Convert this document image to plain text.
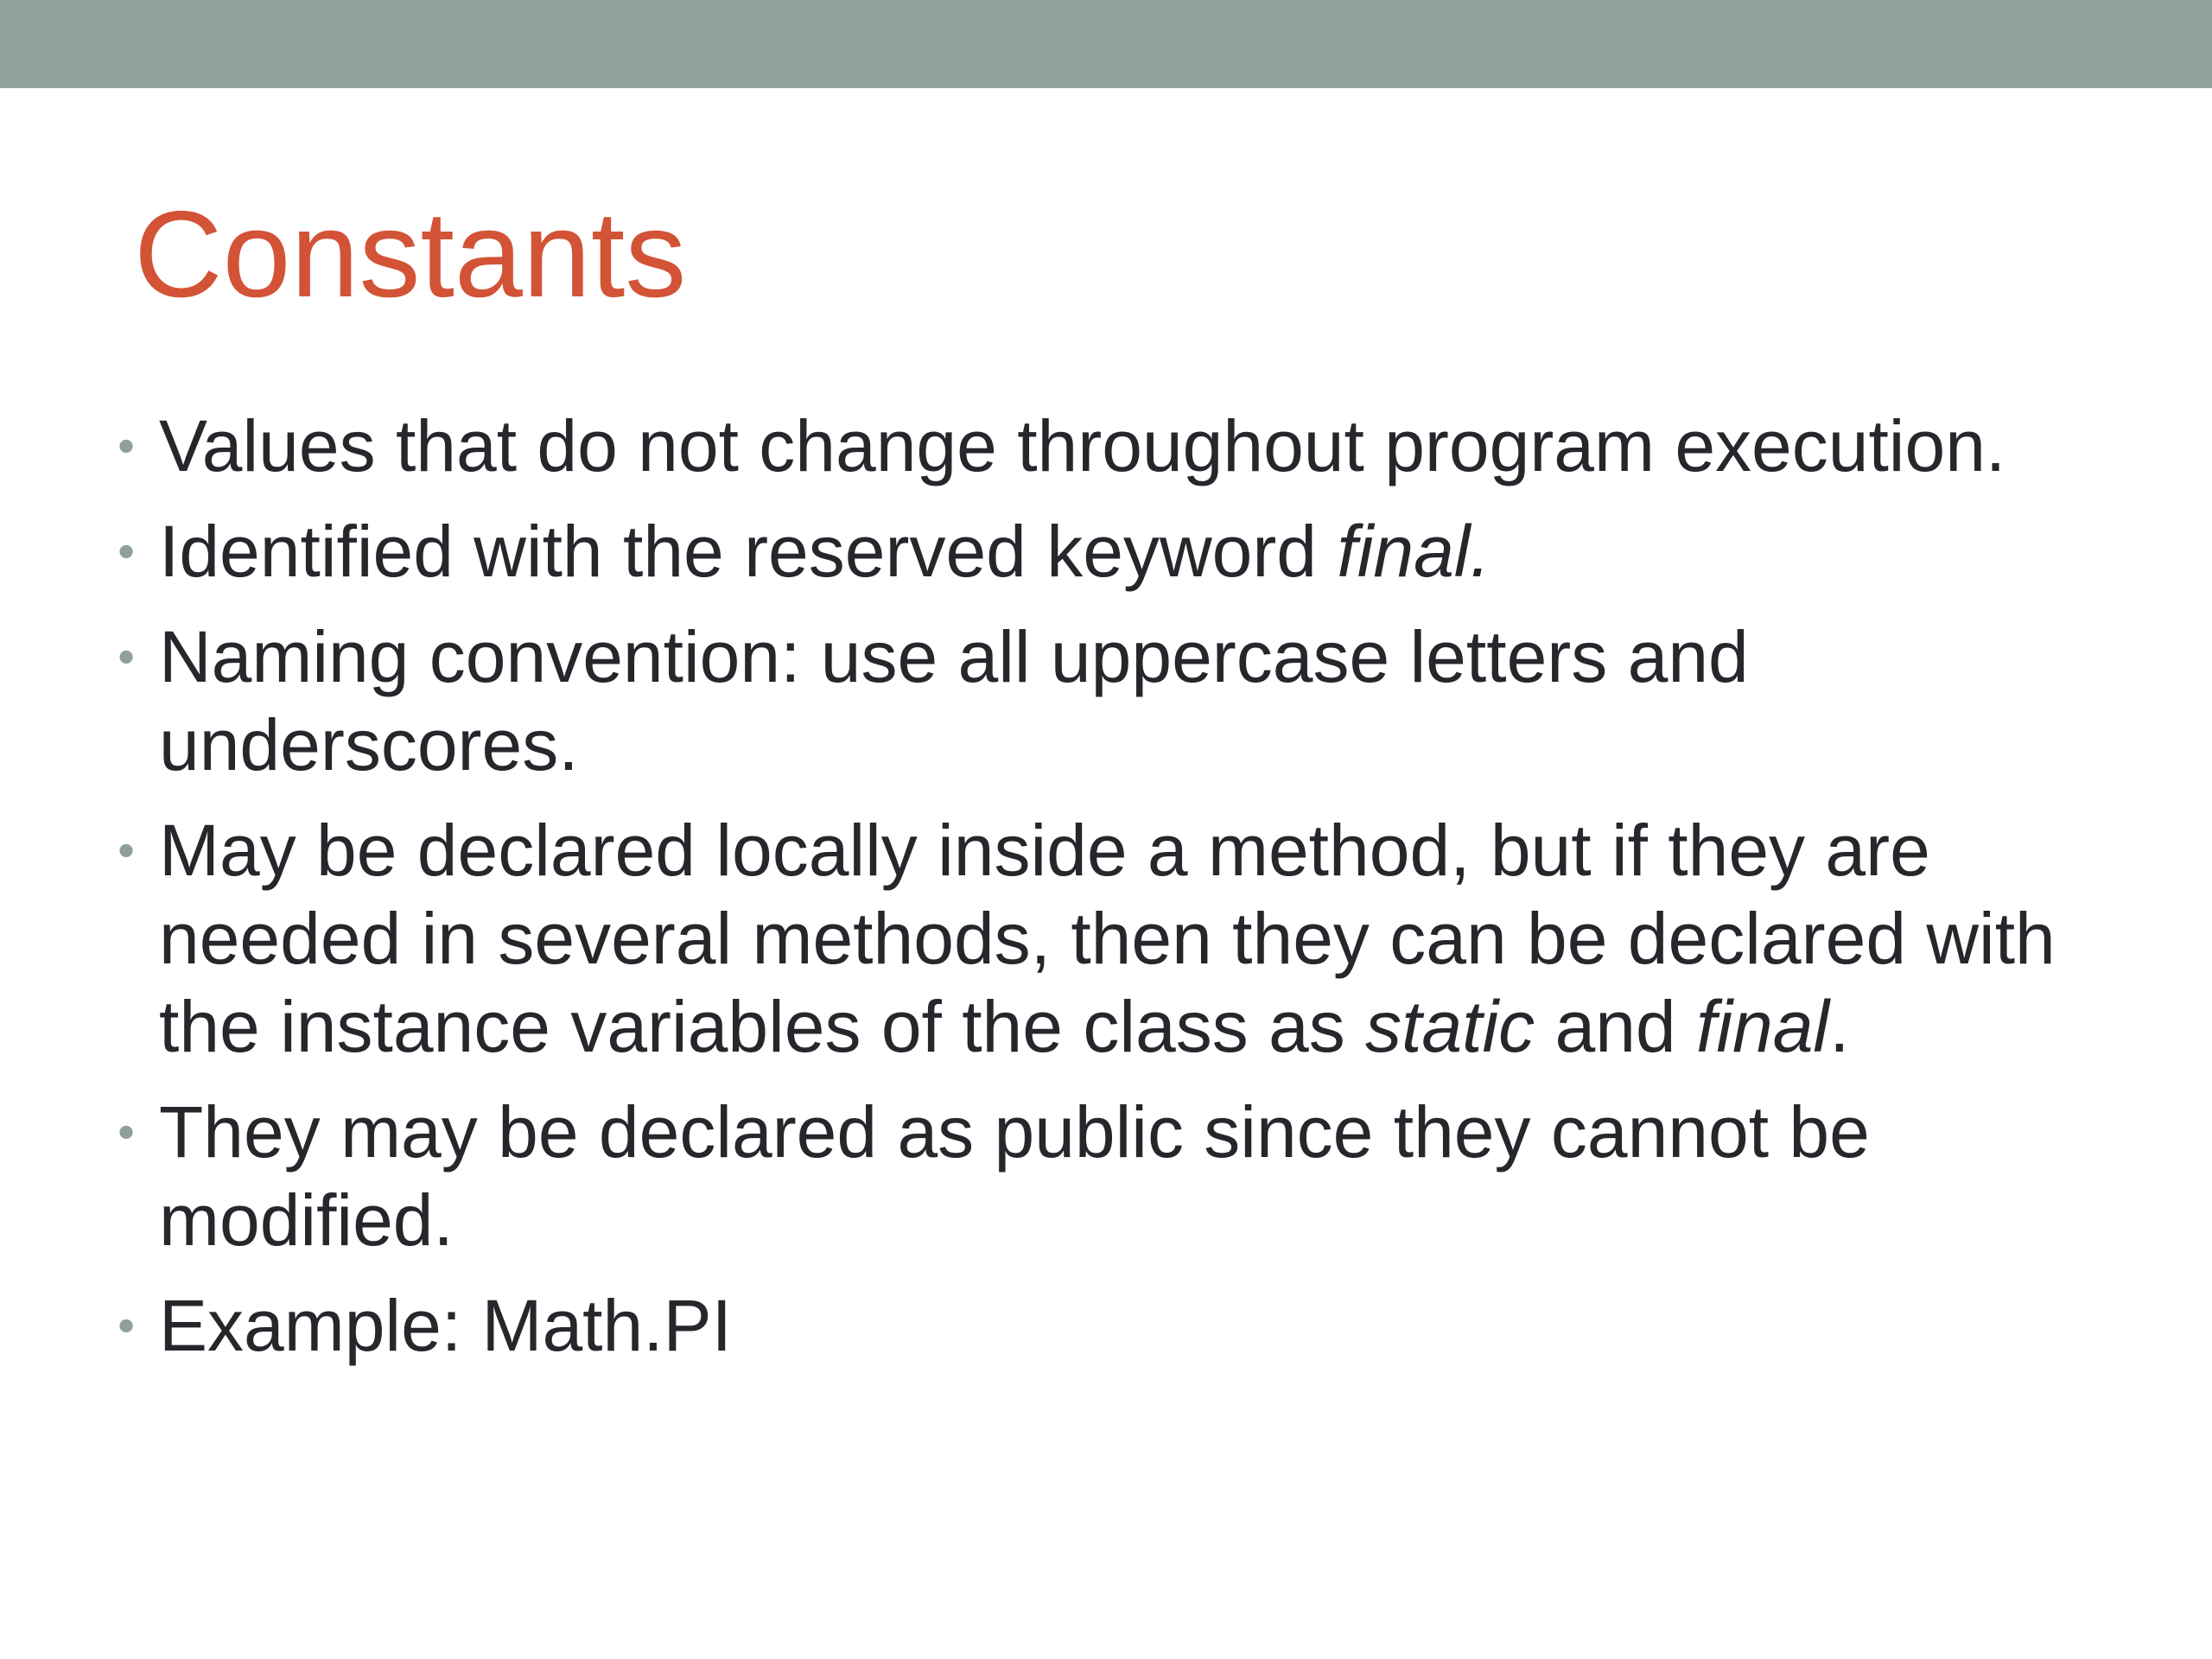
Constants
• Values that do not change throughout program execution.
• Identified with the reserved keyword final.
• Naming convention: use all uppercase letters and underscores.
• May be declared locally inside a method, but if they are needed in several methods, then they can be declared with the instance variables of the class as static and final.
• They may be declared as public since they cannot be modified.
• Example: Math.PI
